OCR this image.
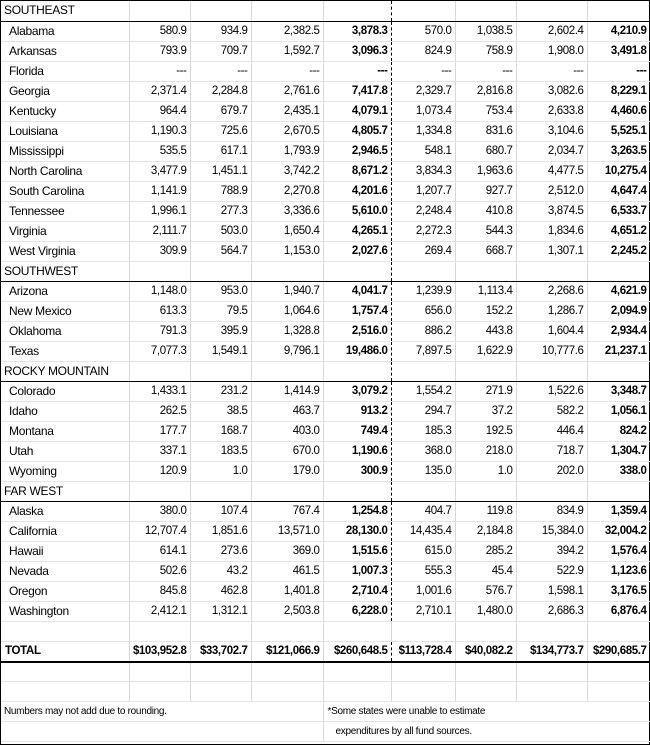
SOUTHEAST								
Alabama	580.9	934.9	2,382.5	3,878.3	570.0	1,038.5	2,602.4	4,210.9
Arkansas	793.9	709.7	1,592.7	3,096.3	824.9	758.9	1,908.0	3,491.8
Florida	---	---	---	---	---	---	---	---
Georgia	2,371.4	2,284.8	2,761.6	7,417.8	2,329.7	2,816.8	3,082.6	8,229.1
Kentucky	964.4	679.7	2,435.1	4,079.1	1,073.4	753.4	2,633.8	4,460.6
Louisiana	1,190.3	725.6	2,670.5	4,805.7	1,334.8	831.6	3,104.6	5,525.1
Mississippi	535.5	617.1	1,793.9	2,946.5	548.1	680.7	2,034.7	3,263.5
North Carolina	3,477.9	1,451.1	3,742.2	8,671.2	3,834.3	1,963.6	4,477.5	10,275.4
South Carolina	1,141.9	788.9	2,270.8	4,201.6	1,207.7	927.7	2,512.0	4,647.4
Tennessee	1,996.1	277.3	3,336.6	5,610.0	2,248.4	410.8	3,874.5	6,533.7
Virginia	2,111.7	503.0	1,650.4	4,265.1	2,272.3	544.3	1,834.6	4,651.2
West Virginia	309.9	564.7	1,153.0	2,027.6	269.4	668.7	1,307.1	2,245.2
SOUTHWEST								
Arizona	1,148.0	953.0	1,940.7	4,041.7	1,239.9	1,113.4	2,268.6	4,621.9
New Mexico	613.3	79.5	1,064.6	1,757.4	656.0	152.2	1,286.7	2,094.9
Oklahoma	791.3	395.9	1,328.8	2,516.0	886.2	443.8	1,604.4	2,934.4
Texas	7,077.3	1,549.1	9,796.1	19,486.0	7,897.5	1,622.9	10,777.6	21,237.1
ROCKY MOUNTAIN								
Colorado	1,433.1	231.2	1,414.9	3,079.2	1,554.2	271.9	1,522.6	3,348.7
Idaho	262.5	38.5	463.7	913.2	294.7	37.2	582.2	1,056.1
Montana	177.7	168.7	403.0	749.4	185.3	192.5	446.4	824.2
Utah	337.1	183.5	670.0	1,190.6	368.0	218.0	718.7	1,304.7
Wyoming	120.9	1.0	179.0	300.9	135.0	1.0	202.0	338.0
FAR WEST								
Alaska	380.0	107.4	767.4	1,254.8	404.7	119.8	834.9	1,359.4
California	12,707.4	1,851.6	13,571.0	28,130.0	14,435.4	2,184.8	15,384.0	32,004.2
Hawaii	614.1	273.6	369.0	1,515.6	615.0	285.2	394.2	1,576.4
Nevada	502.6	43.2	461.5	1,007.3	555.3	45.4	522.9	1,123.6
Oregon	845.8	462.8	1,401.8	2,710.4	1,001.6	576.7	1,598.1	3,176.5
Washington	2,412.1	1,312.1	2,503.8	6,228.0	2,710.1	1,480.0	2,686.3	6,876.4

TOTAL	$103,952.8	$33,702.7	$121,066.9	$260,648.5	$113,728.4	$40,082.2	$134,773.7	$290,685.7

Numbers may not add due to rounding.				*Some states were unable to estimate				
				expenditures by all fund sources.				
